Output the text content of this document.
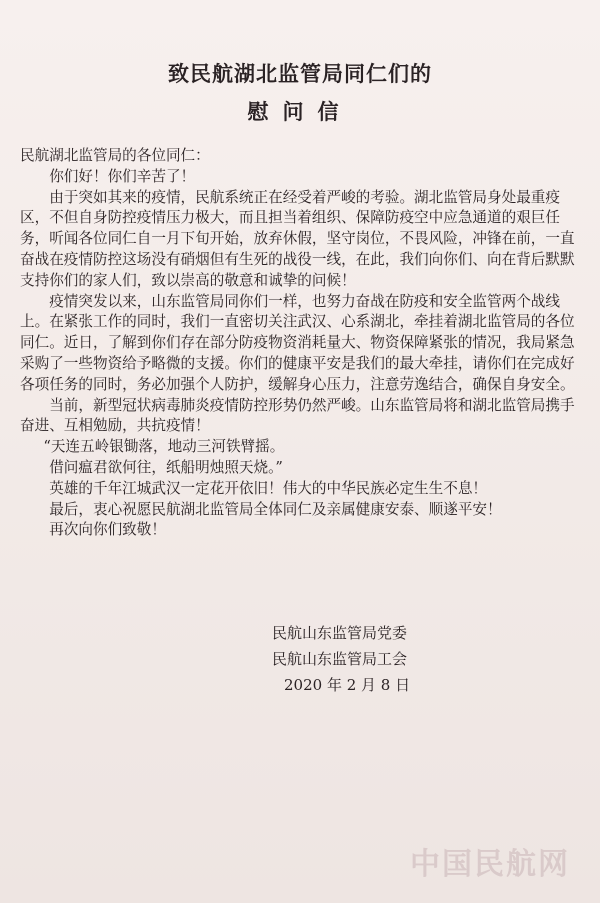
致民航湖北监管局同仁们的
慰问信

民航湖北监管局的各位同仁：

你们好！你们辛苦了！

由于突如其来的疫情，民航系统正在经受着严峻的考验。湖北监管局身处最重疫区，不但自身防控疫情压力极大，而且担当着组织、保障防疫空中应急通道的艰巨任务，听闻各位同仁自一月下旬开始，放弃休假，坚守岗位，不畏风险，冲锋在前，一直奋战在疫情防控这场没有硝烟但有生死的战役一线，在此，我们向你们、向在背后默默支持你们的家人们，致以崇高的敬意和诚挚的问候！

疫情突发以来，山东监管局同你们一样，也努力奋战在防疫和安全监管两个战线上。在紧张工作的同时，我们一直密切关注武汉、心系湖北，牵挂着湖北监管局的各位同仁。近日，了解到你们存在部分防疫物资消耗量大、物资保障紧张的情况，我局紧急采购了一些物资给予略微的支援。你们的健康平安是我们的最大牵挂，请你们在完成好各项任务的同时，务必加强个人防护，缓解身心压力，注意劳逸结合，确保自身安全。

当前，新型冠状病毒肺炎疫情防控形势仍然严峻。山东监管局将和湖北监管局携手奋进、互相勉励，共抗疫情！

“天连五岭银锄落，地动三河铁臂摇。

借问瘟君欲何往，纸船明烛照天烧。”

英雄的千年江城武汉一定花开依旧！伟大的中华民族必定生生不息！

最后，衷心祝愿民航湖北监管局全体同仁及亲属健康安泰、顺遂平安！

再次向你们致敬！

民航山东监管局党委
民航山东监管局工会
2020 年 2 月 8 日
中国民航网
